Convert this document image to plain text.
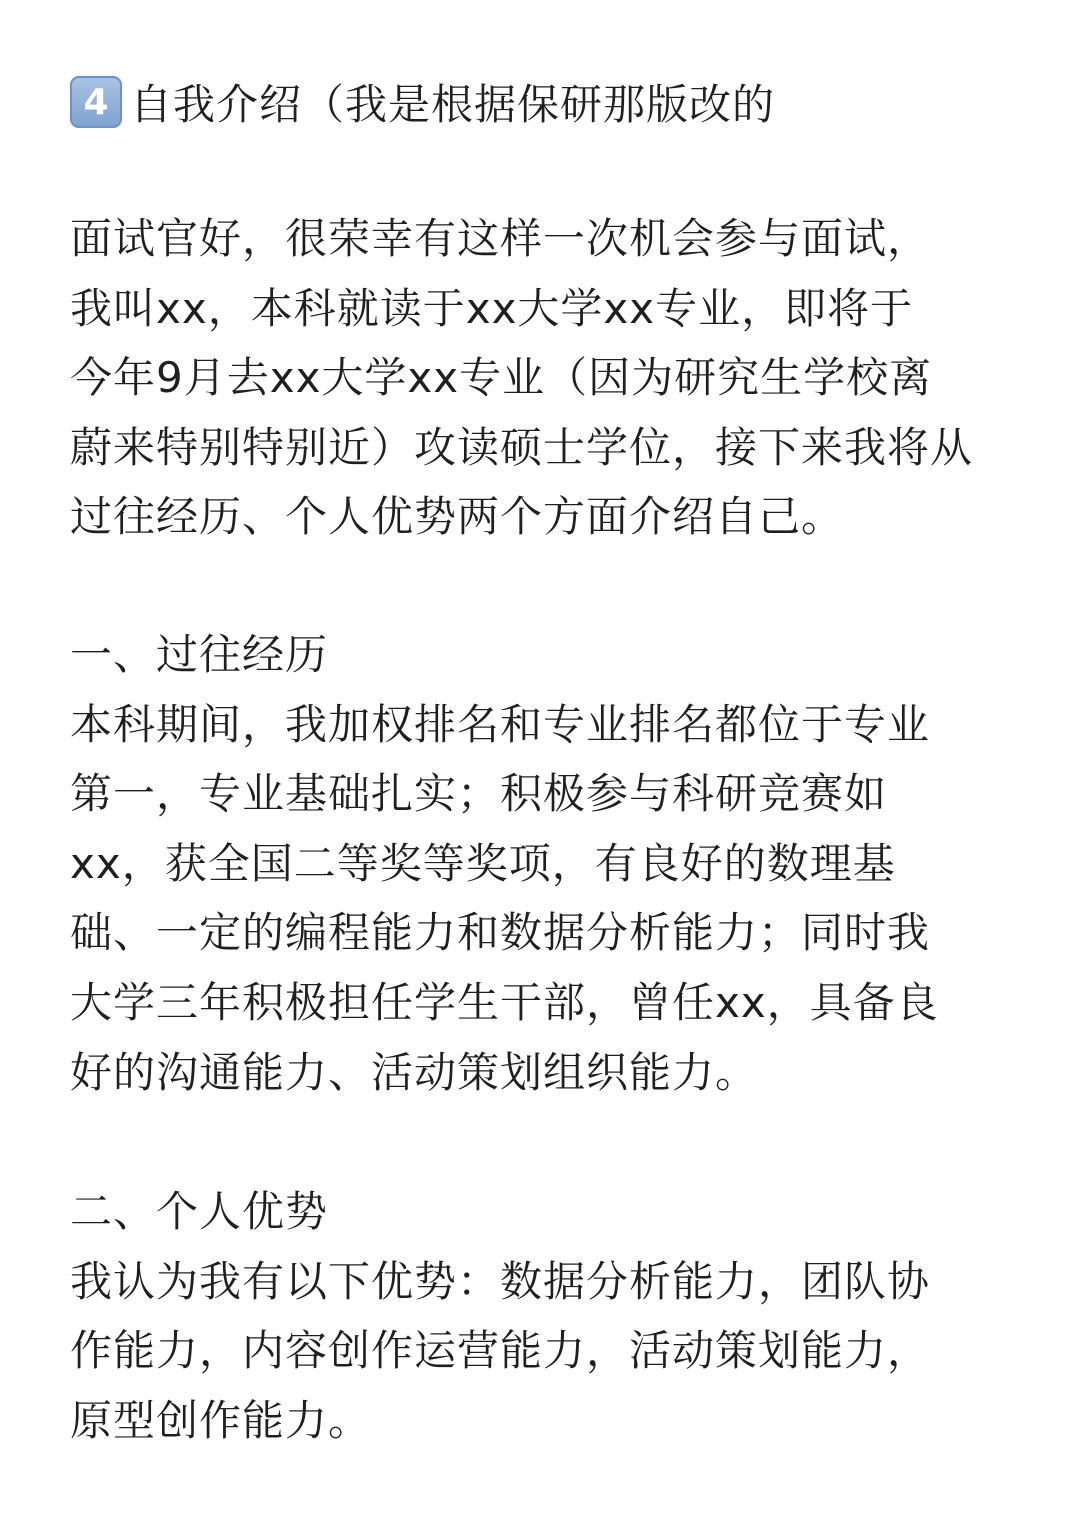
4 自我介绍（我是根据保研那版改的

面试官好，很荣幸有这样一次机会参与面试，
我叫xx，本科就读于xx大学xx专业，即将于
今年9月去xx大学xx专业（因为研究生学校离
蔚来特别特别近）攻读硕士学位，接下来我将从
过往经历、个人优势两个方面介绍自己。

一、过往经历

本科期间，我加权排名和专业排名都位于专业
第一，专业基础扎实；积极参与科研竞赛如
xx，获全国二等奖等奖项，有良好的数理基
础、一定的编程能力和数据分析能力；同时我
大学三年积极担任学生干部，曾任xx，具备良
好的沟通能力、活动策划组织能力。

二、个人优势

我认为我有以下优势：数据分析能力，团队协
作能力，内容创作运营能力，活动策划能力，
原型创作能力。
